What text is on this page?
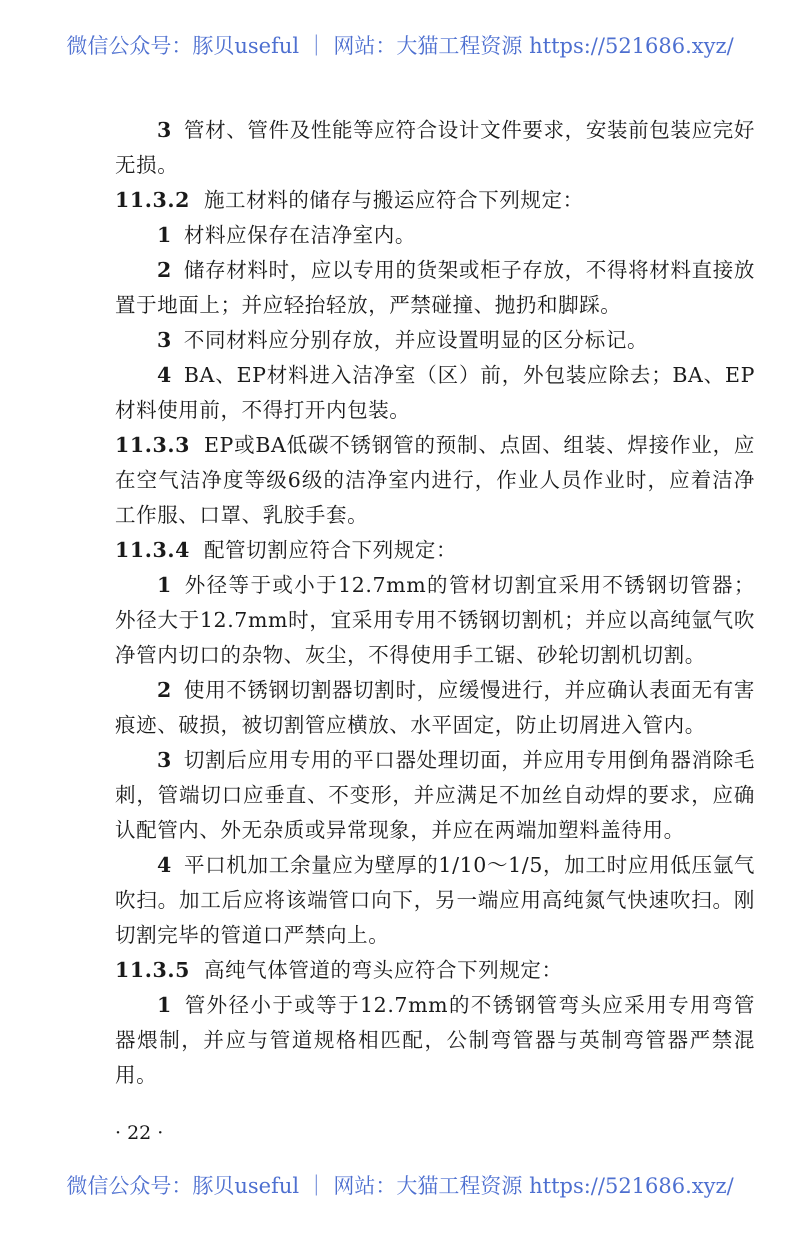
微信公众号：豚贝useful ｜ 网站：大猫工程资源 https://521686.xyz/

3 管材、管件及性能等应符合设计文件要求，安装前包装应完好无损。

11.3.2 施工材料的储存与搬运应符合下列规定：

1 材料应保存在洁净室内。

2 储存材料时，应以专用的货架或柜子存放，不得将材料直接放置于地面上；并应轻抬轻放，严禁碰撞、抛扔和脚踩。

3 不同材料应分别存放，并应设置明显的区分标记。

4 BA、EP材料进入洁净室（区）前，外包装应除去；BA、EP材料使用前，不得打开内包装。

11.3.3 EP或BA低碳不锈钢管的预制、点固、组装、焊接作业，应在空气洁净度等级6级的洁净室内进行，作业人员作业时，应着洁净工作服、口罩、乳胶手套。

11.3.4 配管切割应符合下列规定：

1 外径等于或小于12.7mm的管材切割宜采用不锈钢切管器；外径大于12.7mm时，宜采用专用不锈钢切割机；并应以高纯氩气吹净管内切口的杂物、灰尘，不得使用手工锯、砂轮切割机切割。

2 使用不锈钢切割器切割时，应缓慢进行，并应确认表面无有害痕迹、破损，被切割管应横放、水平固定，防止切屑进入管内。

3 切割后应用专用的平口器处理切面，并应用专用倒角器消除毛刺，管端切口应垂直、不变形，并应满足不加丝自动焊的要求，应确认配管内、外无杂质或异常现象，并应在两端加塑料盖待用。

4 平口机加工余量应为壁厚的1/10～1/5，加工时应用低压氩气吹扫。加工后应将该端管口向下，另一端应用高纯氮气快速吹扫。刚切割完毕的管道口严禁向上。

11.3.5 高纯气体管道的弯头应符合下列规定：

1 管外径小于或等于12.7mm的不锈钢管弯头应采用专用弯管器煨制，并应与管道规格相匹配，公制弯管器与英制弯管器严禁混用。

· 22 ·
微信公众号：豚贝useful ｜ 网站：大猫工程资源 https://521686.xyz/
